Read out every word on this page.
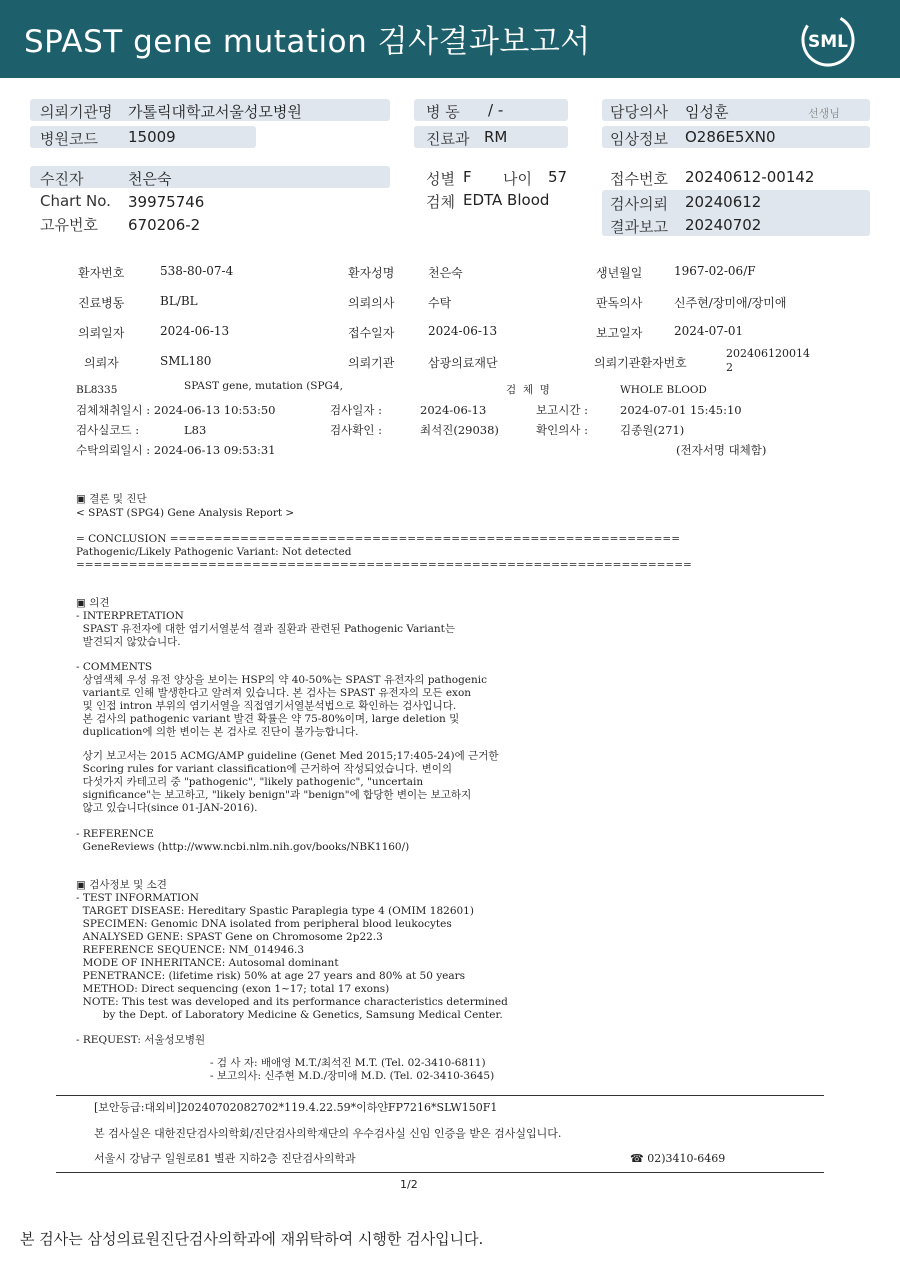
SPAST gene mutation 검사결과보고서	SML
의뢰기관명 가톨릭대학교서울성모병원
병원코드 15009
병 동 / -
진료과 RM
담당의사 임성훈	선생님
임상정보 O286E5XN0
수진자	천은숙
Chart No. 39975746
고유번호 670206-2
성별 F 나이 57
검체 EDTA Blood
접수번호 20240612-00142
검사의뢰 20240612
결과보고 20240702
환자번호	538-80-07-4	환자성명	천은숙	생년월일	1967-02-06/F
진료병동	BL/BL	의뢰의사	수탁	판독의사	신주현/장미애/장미애
의뢰일자	2024-06-13	접수일자	2024-06-13	보고일자	2024-07-01
의뢰자	SML180	의뢰기관	삼광의료재단	의뢰기관환자번호
202406120014
2
BL8335	SPAST gene, mutation (SPG4,	검  체  명	WHOLE BLOOD
검체채취일시 : 2024-06-13 10:53:50	검사일자 :	2024-06-13	보고시간 :	2024-07-01 15:45:10
검사실코드 :	L83	검사확인 :	최석진(29038)	확인의사 :	김종원(271)
수탁의뢰일시 : 2024-06-13 09:53:31	(전자서명 대체함)
▣ 결론 및 진단
< SPAST (SPG4) Gene Analysis Report >
= CONCLUSION ==========================================================
Pathogenic/Likely Pathogenic Variant: Not detected
======================================================================
▣ 의견
- INTERPRETATION
SPAST 유전자에 대한 염기서열분석 결과 질환과 관련된 Pathogenic Variant는
발견되지 않았습니다.
- COMMENTS
상염색체 우성 유전 양상을 보이는 HSP의 약 40-50%는 SPAST 유전자의 pathogenic
variant로 인해 발생한다고 알려져 있습니다. 본 검사는 SPAST 유전자의 모든 exon
및 인접 intron 부위의 염기서열을 직접염기서열분석법으로 확인하는 검사입니다.
본 검사의 pathogenic variant 발견 확률은 약 75-80%이며, large deletion 및
duplication에 의한 변이는 본 검사로 진단이 불가능합니다.
상기 보고서는 2015 ACMG/AMP guideline (Genet Med 2015;17:405-24)에 근거한
Scoring rules for variant classification에 근거하여 작성되었습니다. 변이의
다섯가지 카테고리 중 "pathogenic", "likely pathogenic", "uncertain
significance"는 보고하고, "likely benign"과 "benign"에 합당한 변이는 보고하지
않고 있습니다(since 01-JAN-2016).
- REFERENCE
GeneReviews (http://www.ncbi.nlm.nih.gov/books/NBK1160/)
▣ 검사정보 및 소견
- TEST INFORMATION
TARGET DISEASE: Hereditary Spastic Paraplegia type 4 (OMIM 182601)
SPECIMEN: Genomic DNA isolated from peripheral blood leukocytes
ANALYSED GENE: SPAST Gene on Chromosome 2p22.3
REFERENCE SEQUENCE: NM_014946.3
MODE OF INHERITANCE: Autosomal dominant
PENETRANCE: (lifetime risk) 50% at age 27 years and 80% at 50 years
METHOD: Direct sequencing (exon 1~17; total 17 exons)
NOTE: This test was developed and its performance characteristics determined
by the Dept. of Laboratory Medicine & Genetics, Samsung Medical Center.
- REQUEST: 서울성모병원
- 검 사 자: 배애영 M.T./최석진 M.T. (Tel. 02-3410-6811)
- 보고의사: 신주현 M.D./장미애 M.D. (Tel. 02-3410-3645)
[보안등급:대외비]20240702082702*119.4.22.59*이하얀FP7216*SLW150F1
본 검사실은 대한진단검사의학회/진단검사의학재단의 우수검사실 신임 인증을 받은 검사실입니다.
서울시 강남구 일원로81 별관 지하2층 진단검사의학과	☎ 02)3410-6469
1/2
본 검사는 삼성의료원진단검사의학과에 재위탁하여 시행한 검사입니다.
